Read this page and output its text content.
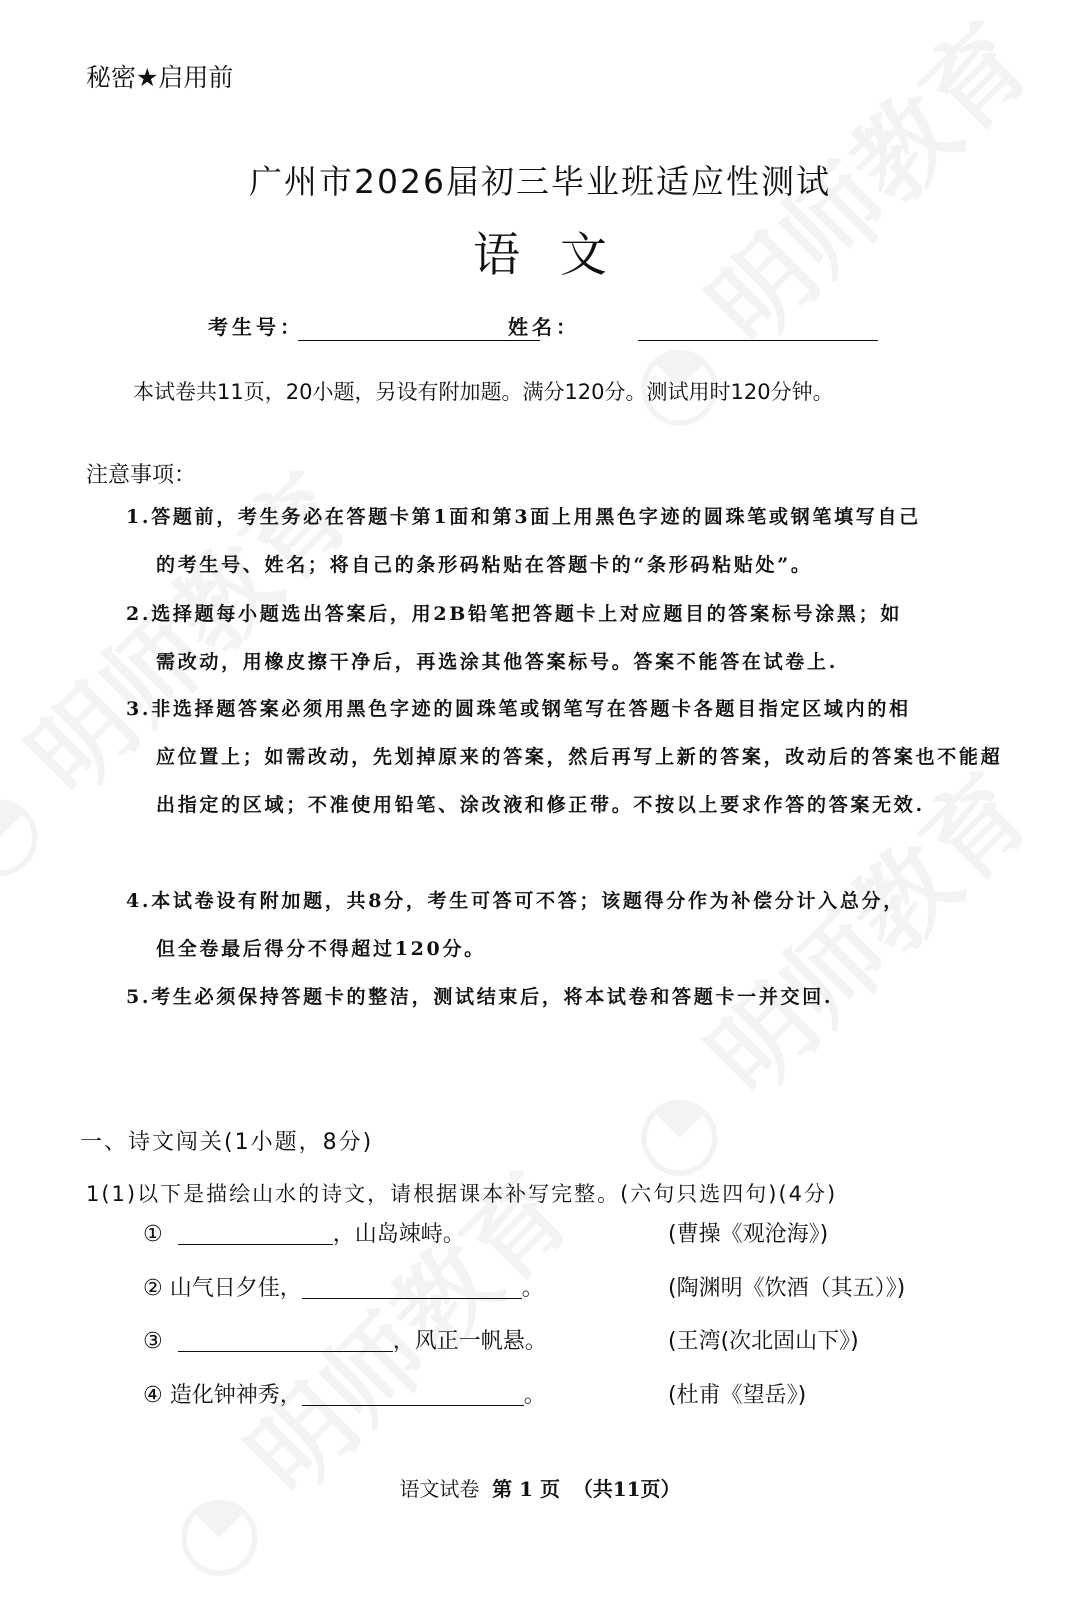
秘密★启用前
广州市2026届初三毕业班适应性测试
语文
考生号：	姓名：
本试卷共11页，20小题，另设有附加题。满分120分。测试用时120分钟。
注意事项：
1.答题前，考生务必在答题卡第1面和第3面上用黑色字迹的圆珠笔或钢笔填写自己
的考生号、姓名；将自己的条形码粘贴在答题卡的“条形码粘贴处”。
2.选择题每小题选出答案后，用2B铅笔把答题卡上对应题目的答案标号涂黑；如
需改动，用橡皮擦干净后，再选涂其他答案标号。答案不能答在试卷上.
3.非选择题答案必须用黑色字迹的圆珠笔或钢笔写在答题卡各题目指定区域内的相
应位置上；如需改动，先划掉原来的答案，然后再写上新的答案，改动后的答案也不能超出指定的区域；不准使用铅笔、涂改液和修正带。不按以上要求作答的答案无效.
4.本试卷设有附加题，共8分，考生可答可不答；该题得分作为补偿分计入总分，
但全卷最后得分不得超过120分。
5.考生必须保持答题卡的整洁，测试结束后，将本试卷和答题卡一并交回.
一、诗文闯关(1小题，8分)
1(1)以下是描绘山水的诗文，请根据课本补写完整。(六句只选四句)(4分)
①	，山岛竦峙。	(曹操《观沧海》)
② 山气日夕佳，	。	(陶渊明《饮酒（其五）》)
③	，风正一帆悬。	(王湾(次北固山下》)
④ 造化钟神秀，	。	(杜甫《望岳》)
语文试卷 第 1 页 （共11页）
